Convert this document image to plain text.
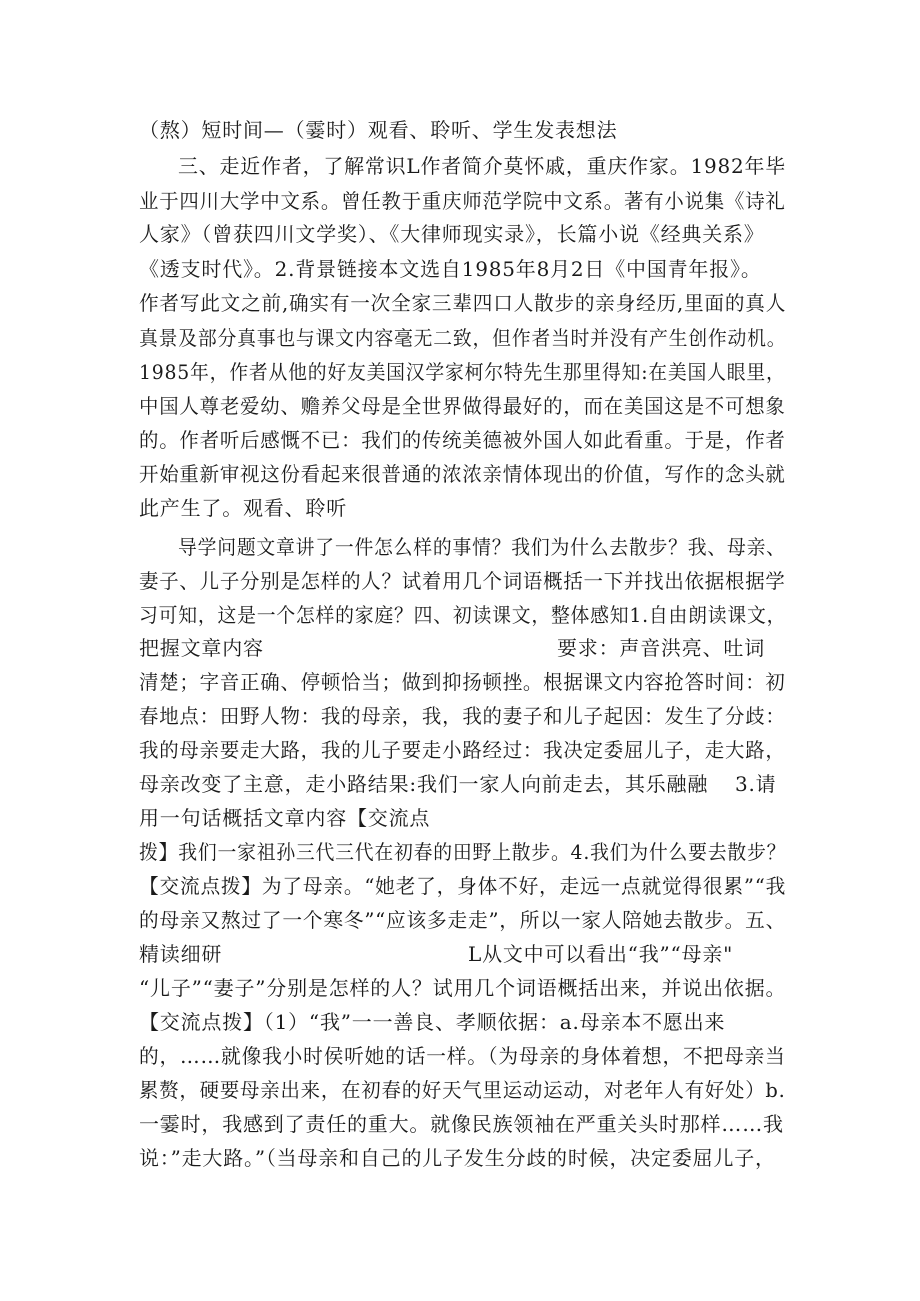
（熬）短时间—（霎时）观看、聆听、学生发表想法
三、走近作者，了解常识L作者简介莫怀戚，重庆作家。1982年毕
业于四川大学中文系。曾任教于重庆师范学院中文系。著有小说集《诗礼
人家》（曾获四川文学奖）、《大律师现实录》，长篇小说《经典关系》
《透支时代》。2.背景链接本文选自1985年8月2日《中国青年报》。
作者写此文之前,确实有一次全家三辈四口人散步的亲身经历,里面的真人
真景及部分真事也与课文内容毫无二致，但作者当时并没有产生创作动机。
1985年，作者从他的好友美国汉学家柯尔特先生那里得知:在美国人眼里，
中国人尊老爱幼、赡养父母是全世界做得最好的，而在美国这是不可想象
的。作者听后感慨不已：我们的传统美德被外国人如此看重。于是，作者
开始重新审视这份看起来很普通的浓浓亲情体现出的价值，写作的念头就
此产生了。观看、聆听
导学问题文章讲了一件怎么样的事情？我们为什么去散步？我、母亲、
妻子、儿子分别是怎样的人？试着用几个词语概括一下并找出依据根据学
习可知，这是一个怎样的家庭？四、初读课文，整体感知1.自由朗读课文，
把握文章内容	要求：声音洪亮、吐词
清楚；字音正确、停顿恰当；做到抑扬顿挫。根据课文内容抢答时间：初
春地点：田野人物：我的母亲，我，我的妻子和儿子起因：发生了分歧：
我的母亲要走大路，我的儿子要走小路经过：我决定委屈儿子，走大路，
母亲改变了主意，走小路结果:我们一家人向前走去，其乐融融 3.请
用一句话概括文章内容【交流点
拨】我们一家祖孙三代三代在初春的田野上散步。4.我们为什么要去散步？
【交流点拨】为了母亲。“她老了，身体不好，走远一点就觉得很累”“我
的母亲又熬过了一个寒冬”“应该多走走”，所以一家人陪她去散步。五、
精读细研	L从文中可以看出“我”“母亲"
“儿子”“妻子”分别是怎样的人？试用几个词语概括出来，并说出依据。
【交流点拨】（1）“我”一一善良、孝顺依据：a.母亲本不愿出来
的，……就像我小时侯听她的话一样。（为母亲的身体着想，不把母亲当
累赘，硬要母亲出来，在初春的好天气里运动运动，对老年人有好处）b.
一霎时，我感到了责任的重大。就像民族领袖在严重关头时那样……我
说：”走大路。”（当母亲和自己的儿子发生分歧的时候，决定委屈儿子，
